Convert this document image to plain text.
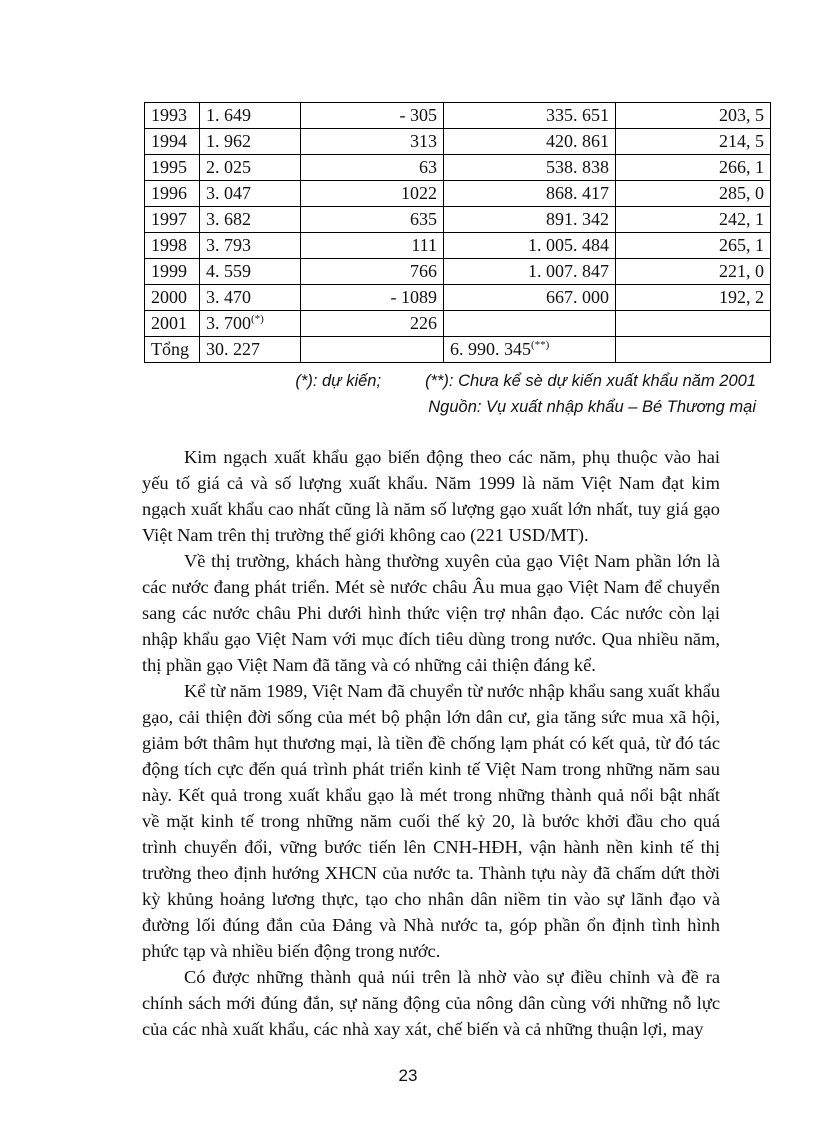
1993	1. 649	- 305	335. 651	203, 5
1994	1. 962	313	420. 861	214, 5
1995	2. 025	63	538. 838	266, 1
1996	3. 047	1022	868. 417	285, 0
1997	3. 682	635	891. 342	242, 1
1998	3. 793	111	1. 005. 484	265, 1
1999	4. 559	766	1. 007. 847	221, 0
2000	3. 470	- 1089	667. 000	192, 2
2001	3. 700(*)	226		
Tổng	30. 227		6. 990. 345(**)	
(*): dự kiến;	(**): Chưa kể sè dự kiến xuất khẩu năm 2001
Nguồn: Vụ xuất nhập khẩu – Bé Thương mại

Kim ngạch xuất khẩu gạo biến động theo các năm, phụ thuộc vào hai yếu tố giá cả và số lượng xuất khẩu. Năm 1999 là năm Việt Nam đạt kim ngạch xuất khẩu cao nhất cũng là năm số lượng gạo xuất lớn nhất, tuy giá gạo Việt Nam trên thị trường thế giới không cao (221 USD/MT).

Về thị trường, khách hàng thường xuyên của gạo Việt Nam phần lớn là các nước đang phát triển. Mét sè nước châu Âu mua gạo Việt Nam để chuyển sang các nước châu Phi dưới hình thức viện trợ nhân đạo. Các nước còn lại nhập khẩu gạo Việt Nam với mục đích tiêu dùng trong nước. Qua nhiều năm, thị phần gạo Việt Nam đã tăng và có những cải thiện đáng kể.

Kể từ năm 1989, Việt Nam đã chuyển từ nước nhập khẩu sang xuất khẩu gạo, cải thiện đời sống của mét bộ phận lớn dân cư, gia tăng sức mua xã hội, giảm bớt thâm hụt thương mại, là tiền đề chống lạm phát có kết quả, từ đó tác động tích cực đến quá trình phát triển kinh tế Việt Nam trong những năm sau này. Kết quả trong xuất khẩu gạo là mét trong những thành quả nổi bật nhất về mặt kinh tế trong những năm cuối thế kỷ 20, là bước khởi đầu cho quá trình chuyển đổi, vững bước tiến lên CNH-HĐH, vận hành nền kinh tế thị trường theo định hướng XHCN của nước ta. Thành tựu này đã chấm dứt thời kỳ khủng hoảng lương thực, tạo cho nhân dân niềm tin vào sự lãnh đạo và đường lối đúng đắn của Đảng và Nhà nước ta, góp phần ổn định tình hình phức tạp và nhiều biến động trong nước.

Có được những thành quả núi trên là nhờ vào sự điều chỉnh và đề ra chính sách mới đúng đắn, sự năng động của nông dân cùng với những nỗ lực của các nhà xuất khẩu, các nhà xay xát, chế biến và cả những thuận lợi, may

23
